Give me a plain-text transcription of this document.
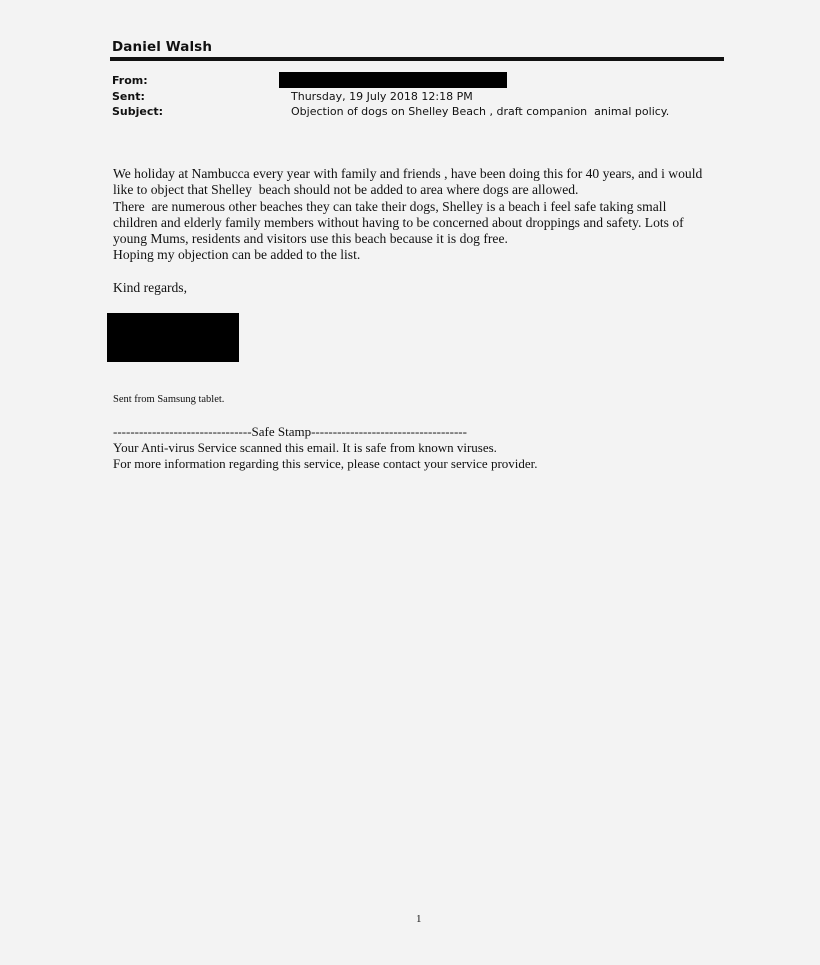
Daniel Walsh
From:
Sent:	Thursday, 19 July 2018 12:18 PM
Subject:	Objection of dogs on Shelley Beach , draft companion  animal policy.

We holiday at Nambucca every year with family and friends , have been doing this for 40 years, and i would

like to object that Shelley  beach should not be added to area where dogs are allowed.

There  are numerous other beaches they can take their dogs, Shelley is a beach i feel safe taking small

children and elderly family members without having to be concerned about droppings and safety. Lots of

young Mums, residents and visitors use this beach because it is dog free.

Hoping my objection can be added to the list.

Kind regards,
Sent from Samsung tablet.
--------------------------------Safe Stamp------------------------------------
Your Anti-virus Service scanned this email. It is safe from known viruses.
For more information regarding this service, please contact your service provider.
1
